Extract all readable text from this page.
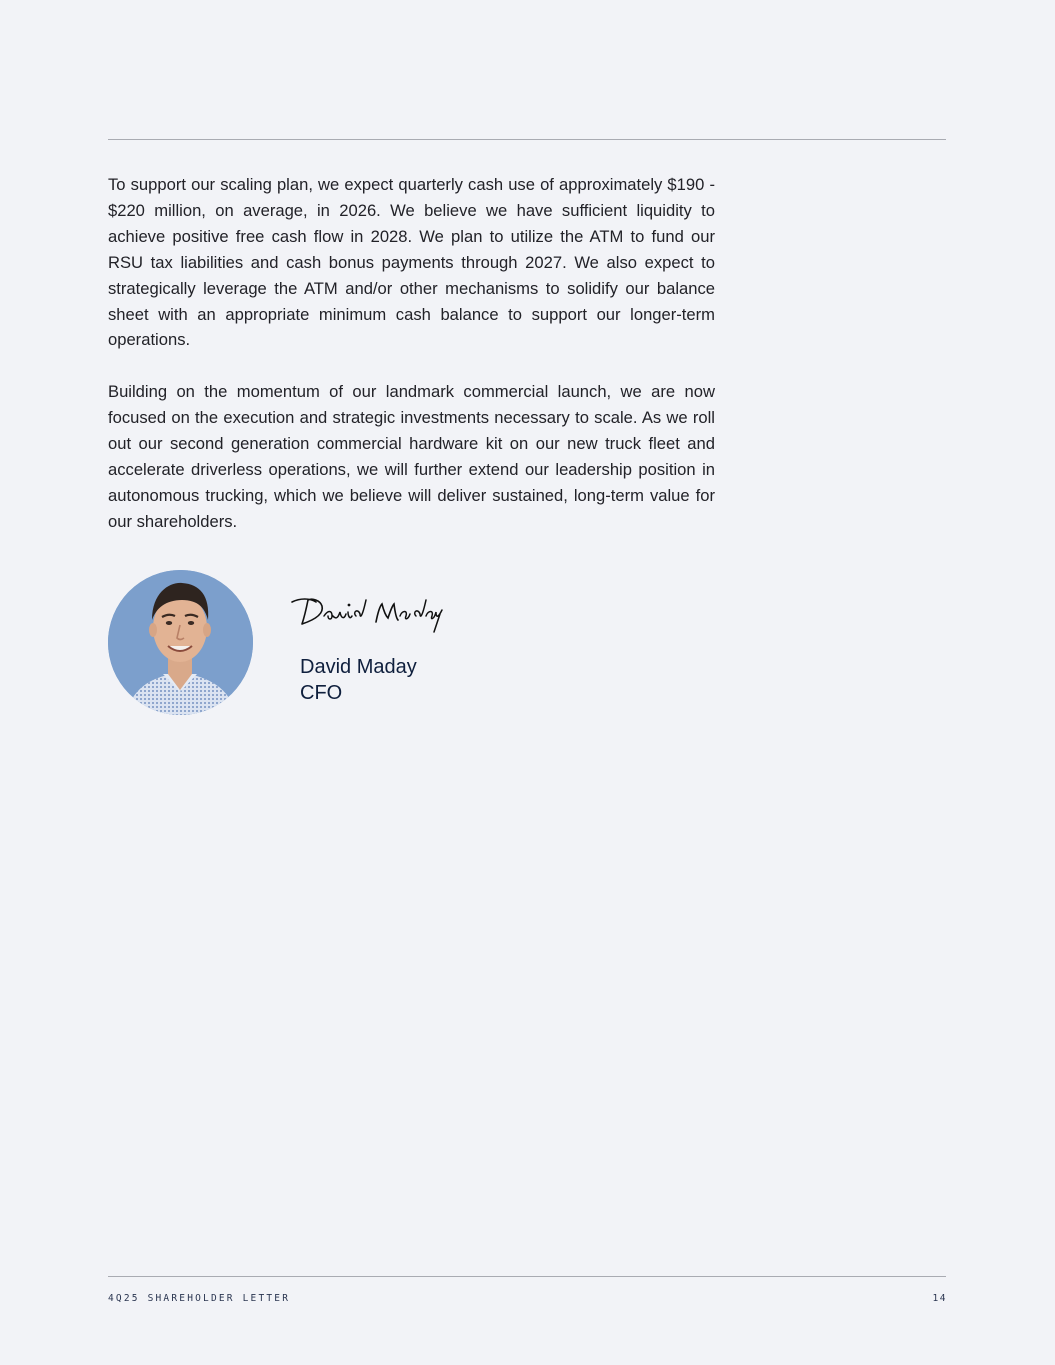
To support our scaling plan, we expect quarterly cash use of approximately $190 - $220 million, on average, in 2026. We believe we have sufficient liquidity to achieve positive free cash flow in 2028. We plan to utilize the ATM to fund our RSU tax liabilities and cash bonus payments through 2027. We also expect to strategically leverage the ATM and/or other mechanisms to solidify our balance sheet with an appropriate minimum cash balance to support our longer-term operations.

Building on the momentum of our landmark commercial launch, we are now focused on the execution and strategic investments necessary to scale. As we roll out our second generation commercial hardware kit on our new truck fleet and accelerate driverless operations, we will further extend our leadership position in autonomous trucking, which we believe will deliver sustained, long-term value for our shareholders.

David Maday
CFO
4Q25 SHAREHOLDER LETTER	14
